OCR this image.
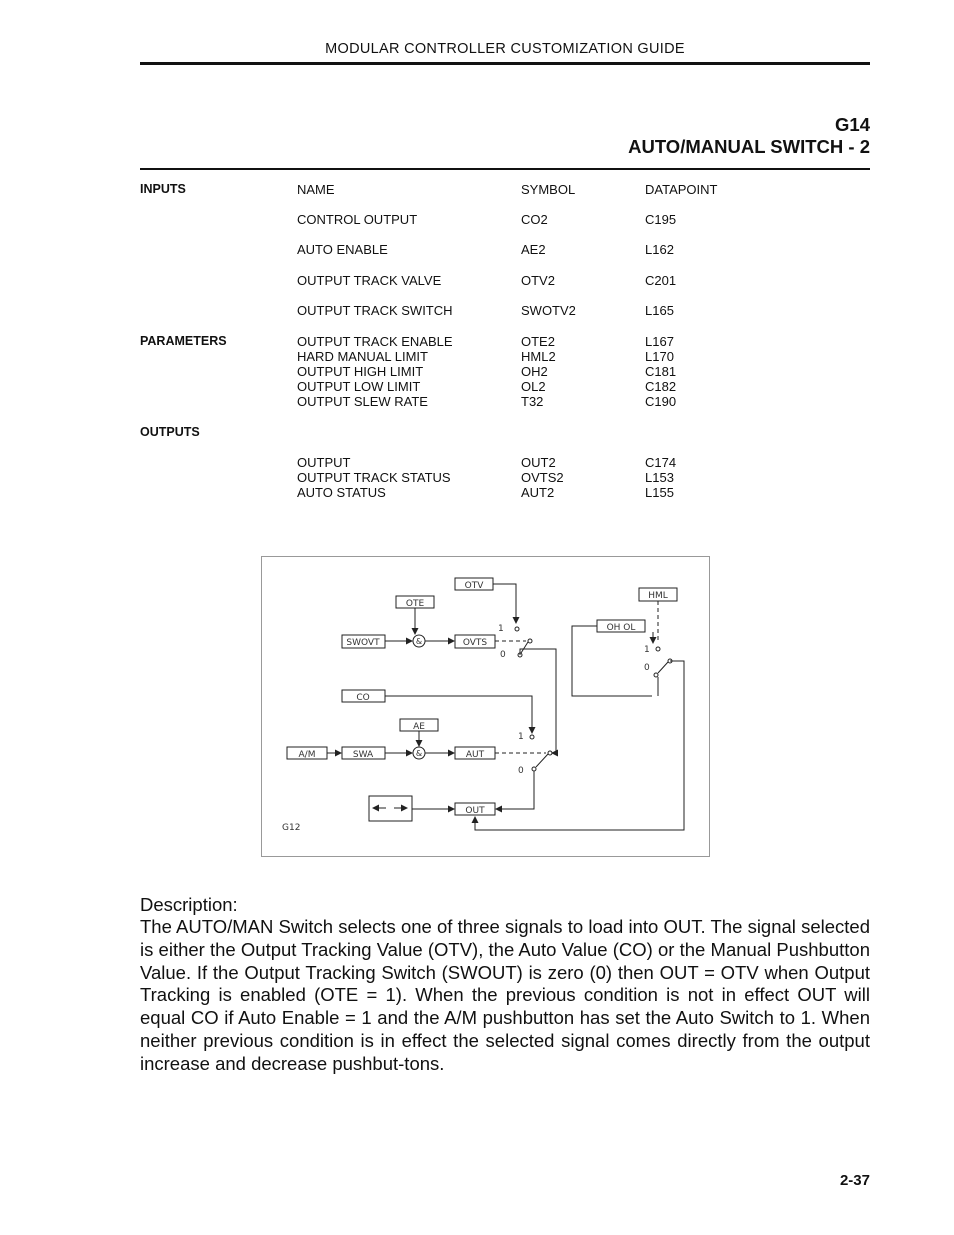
MODULAR CONTROLLER CUSTOMIZATION GUIDE
G14
AUTO/MANUAL SWITCH - 2
INPUTS	NAME	SYMBOL	DATAPOINT
CONTROL OUTPUT	CO2	C195
AUTO ENABLE	AE2	L162
OUTPUT TRACK VALVE	OTV2	C201
OUTPUT TRACK SWITCH	SWOTV2	L165
PARAMETERS	OUTPUT TRACK ENABLE	OTE2	L167
HARD MANUAL LIMIT	HML2	L170
OUTPUT HIGH LIMIT	OH2	C181
OUTPUT LOW LIMIT	OL2	C182
OUTPUT SLEW RATE	T32	C190
OUTPUTS
OUTPUT	OUT2	C174
OUTPUT TRACK STATUS	OVTS2	L153
AUTO STATUS	AUT2	L155
OTV
OTE
SWOVT	&	OVTS
HML
OH OL
CO
AE
A/M	SWA	&	AUT
OUT
G12
1
0	1
0
1
0
Description:
The AUTO/MAN Switch selects one of three signals to load into OUT. The signal selected is either the Output Tracking Value (OTV), the Auto Value (CO) or the Manual Pushbutton Value. If the Output Tracking Switch (SWOUT) is zero (0) then OUT = OTV when Output Tracking is enabled (OTE = 1). When the previous condition is not in effect OUT will equal CO if Auto Enable = 1 and the A/M pushbutton has set the Auto Switch to 1. When neither previous condition is in effect the selected signal comes directly from the output increase and decrease pushbut-tons.
2-37
